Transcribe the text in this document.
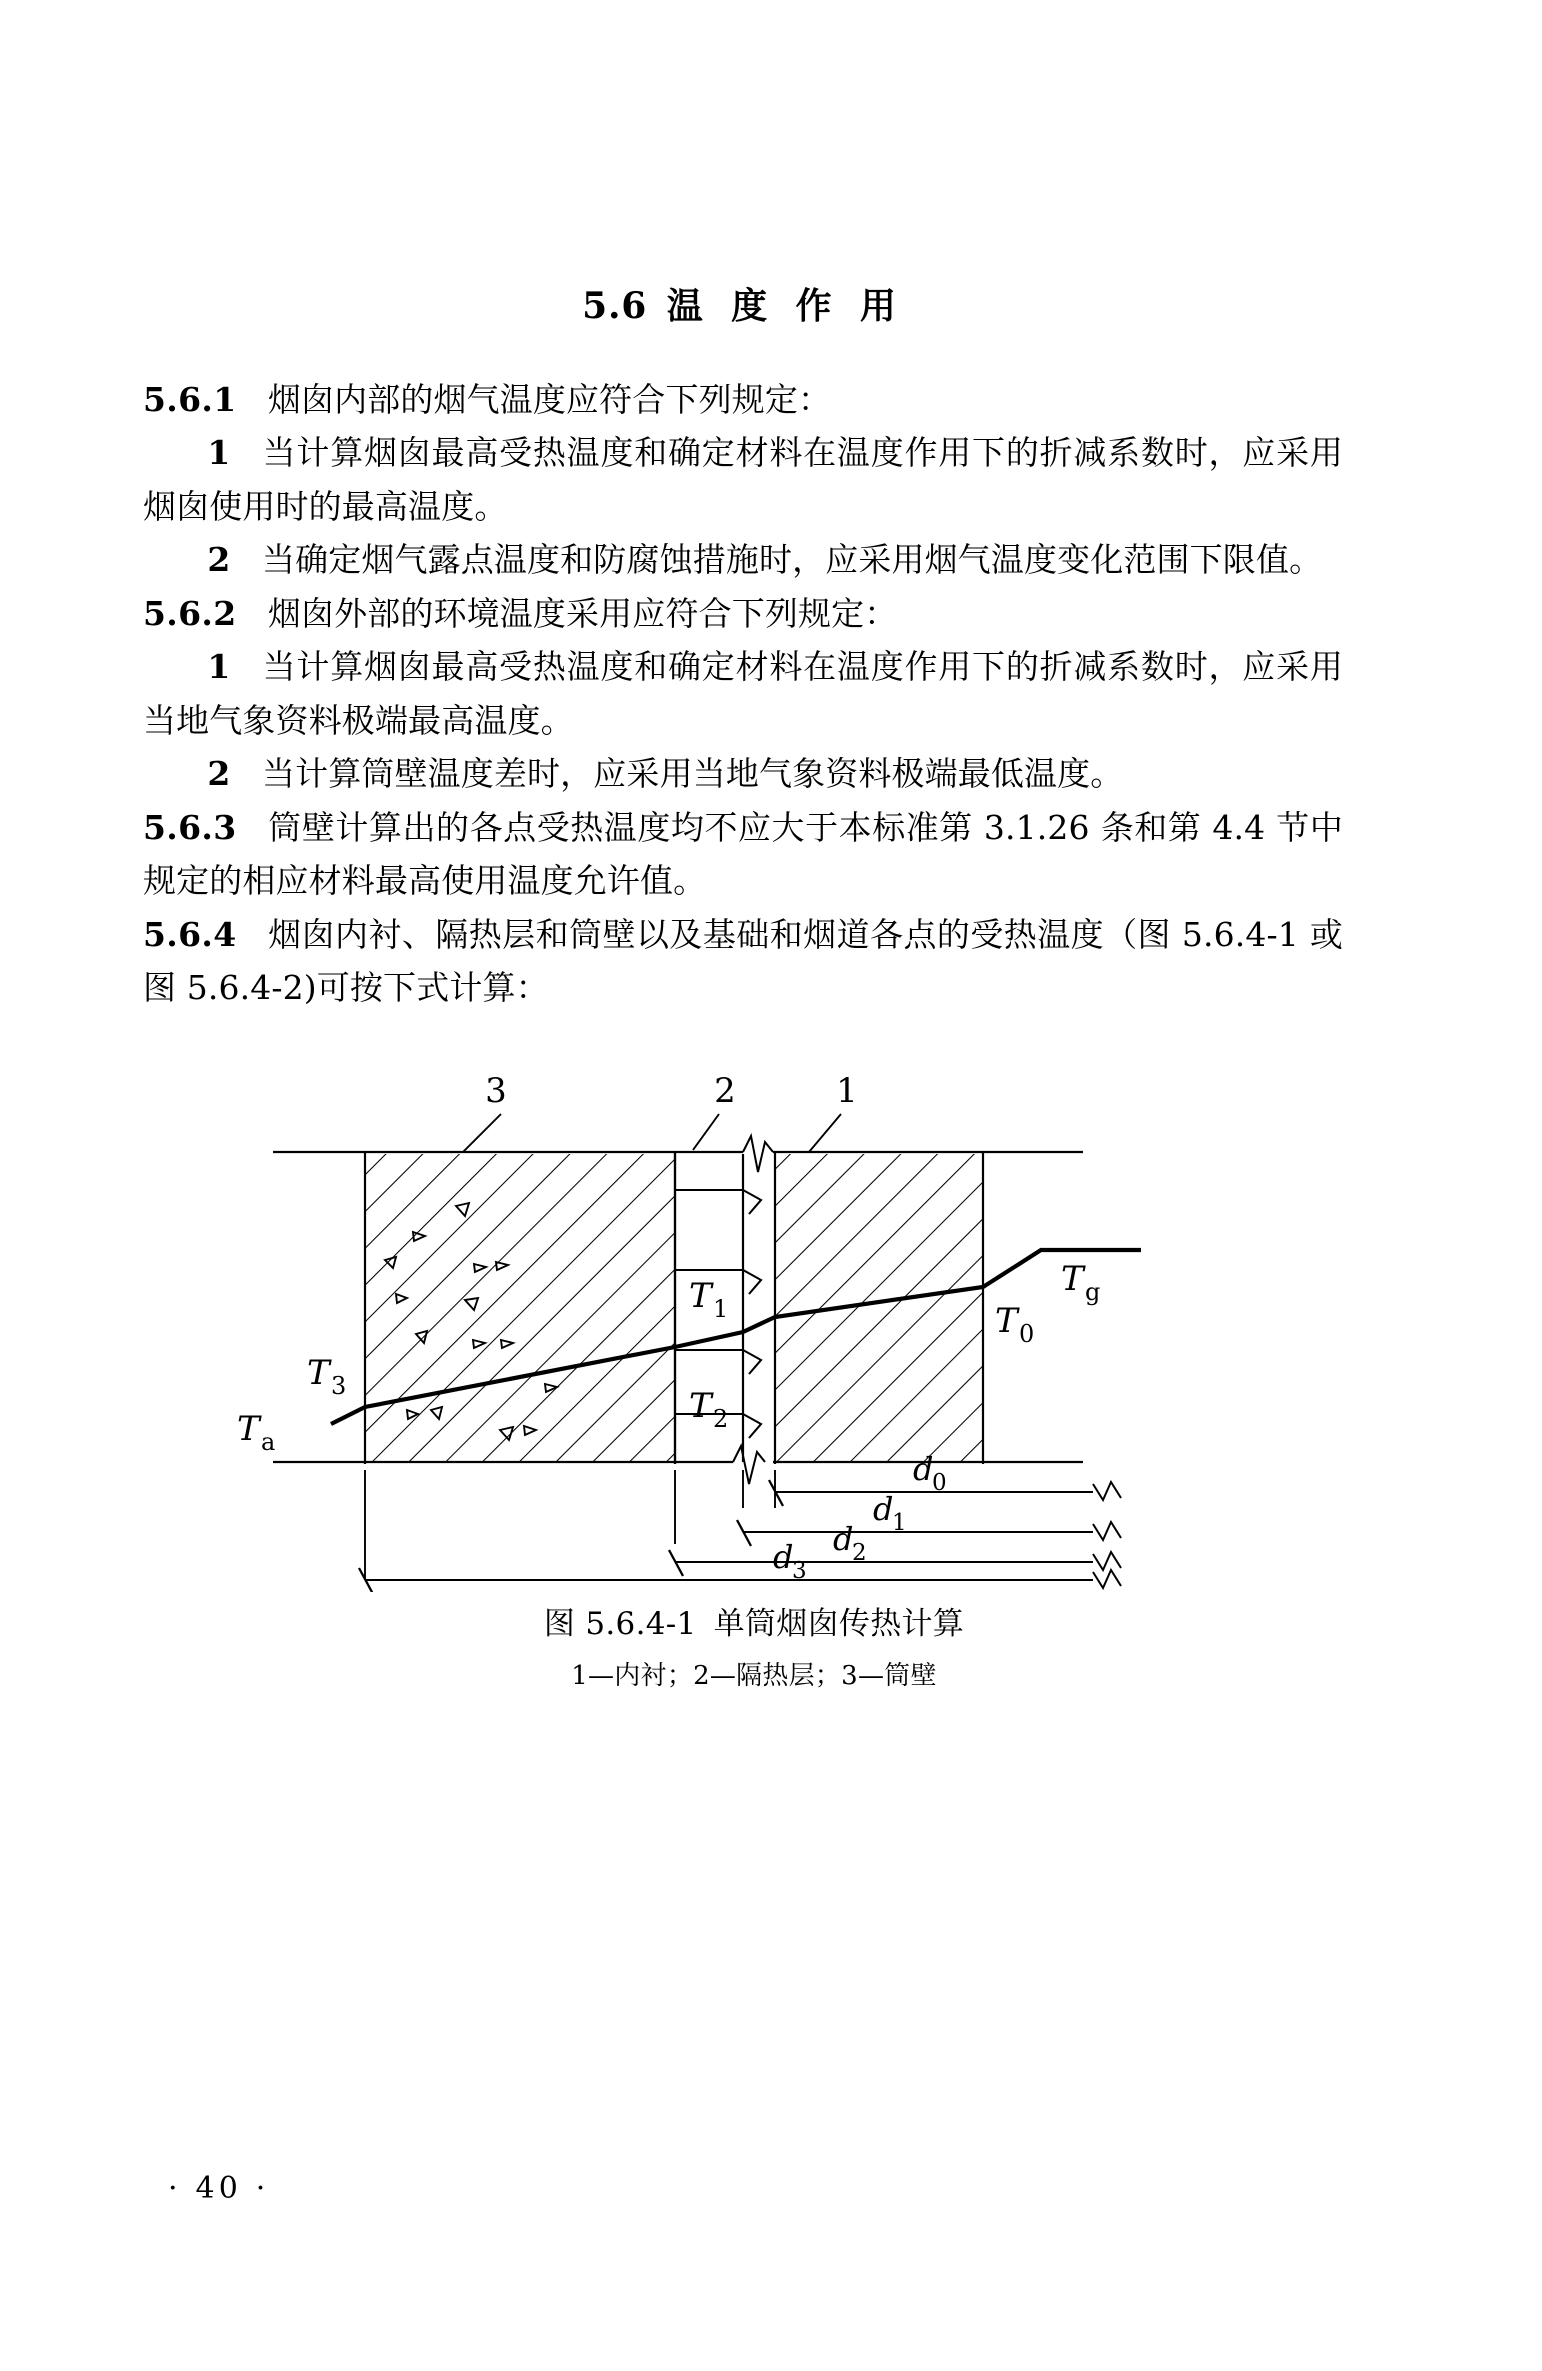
5.6 温 度 作 用

5.6.1 烟囱内部的烟气温度应符合下列规定：

1 当计算烟囱最高受热温度和确定材料在温度作用下的折减系数时，应采用烟囱使用时的最高温度。

2 当确定烟气露点温度和防腐蚀措施时，应采用烟气温度变化范围下限值。

5.6.2 烟囱外部的环境温度采用应符合下列规定：

1 当计算烟囱最高受热温度和确定材料在温度作用下的折减系数时，应采用当地气象资料极端最高温度。

2 当计算筒壁温度差时，应采用当地气象资料极端最低温度。

5.6.3 筒壁计算出的各点受热温度均不应大于本标准第 3.1.26 条和第 4.4 节中规定的相应材料最高使用温度允许值。

5.6.4 烟囱内衬、隔热层和筒壁以及基础和烟道各点的受热温度（图 5.6.4-1 或图 5.6.4-2)可按下式计算：

3	2	1
T g
T 0
T 1
T 2
T 3
T a
d
0
d
1
d
2
d
3

图 5.6.4-1 单筒烟囱传热计算

1—内衬；2—隔热层；3—筒壁

· 40 ·
